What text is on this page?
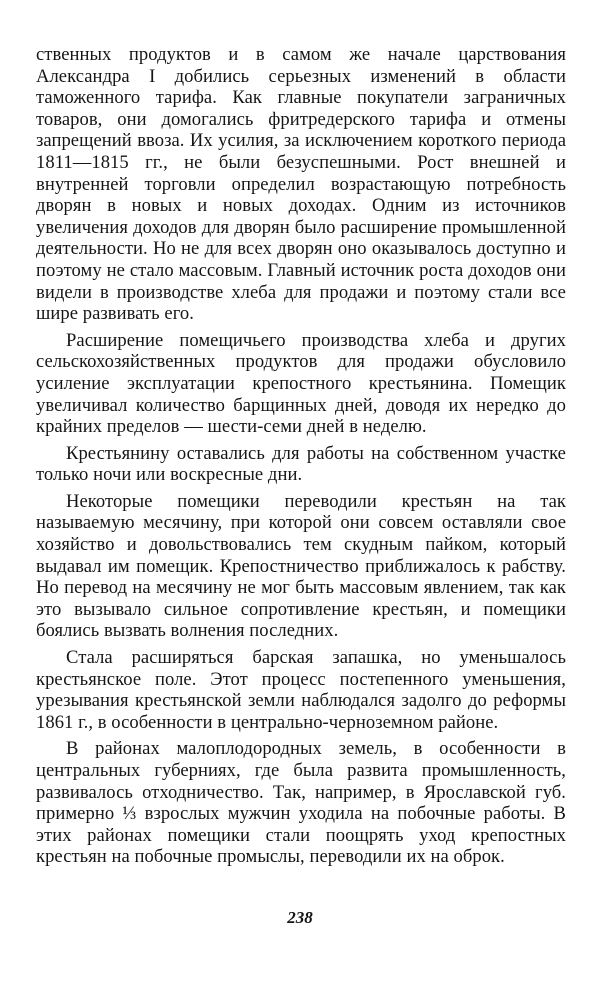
ственных продуктов и в самом же начале царствования Александра I добились серьезных изменений в области таможенного тарифа. Как главные покупатели заграничных товаров, они домогались фритредерского тарифа и отмены запрещений ввоза. Их усилия, за исключением короткого периода 1811—1815 гг., не были безуспешными. Рост внешней и внутренней торговли определил возрастающую потребность дворян в новых и новых доходах. Одним из источников увеличения доходов для дворян было расширение промышленной деятельности. Но не для всех дворян оно оказывалось доступно и поэтому не стало массовым. Главный источник роста доходов они видели в производстве хлеба для продажи и поэтому стали все шире развивать его.

Расширение помещичьего производства хлеба и других сельскохозяйственных продуктов для продажи обусловило усиление эксплуатации крепостного крестьянина. Помещик увеличивал количество барщинных дней, доводя их нередко до крайних пределов — шести-семи дней в неделю.

Крестьянину оставались для работы на собственном участке только ночи или воскресные дни.

Некоторые помещики переводили крестьян на так называемую месячину, при которой они совсем оставляли свое хозяйство и довольствовались тем скудным пайком, который выдавал им помещик. Крепостничество приближалось к рабству. Но перевод на месячину не мог быть массовым явлением, так как это вызывало сильное сопротивление крестьян, и помещики боялись вызвать волнения последних.

Стала расширяться барская запашка, но уменьшалось крестьянское поле. Этот процесс постепенного уменьшения, урезывания крестьянской земли наблюдался задолго до реформы 1861 г., в особенности в центрально-черноземном районе.

В районах малоплодородных земель, в особенности в центральных губерниях, где была развита промышленность, развивалось отходничество. Так, например, в Ярославской губ. примерно ⅓ взрослых мужчин уходила на побочные работы. В этих районах помещики стали поощрять уход крепостных крестьян на побочные промыслы, переводили их на оброк.

238
